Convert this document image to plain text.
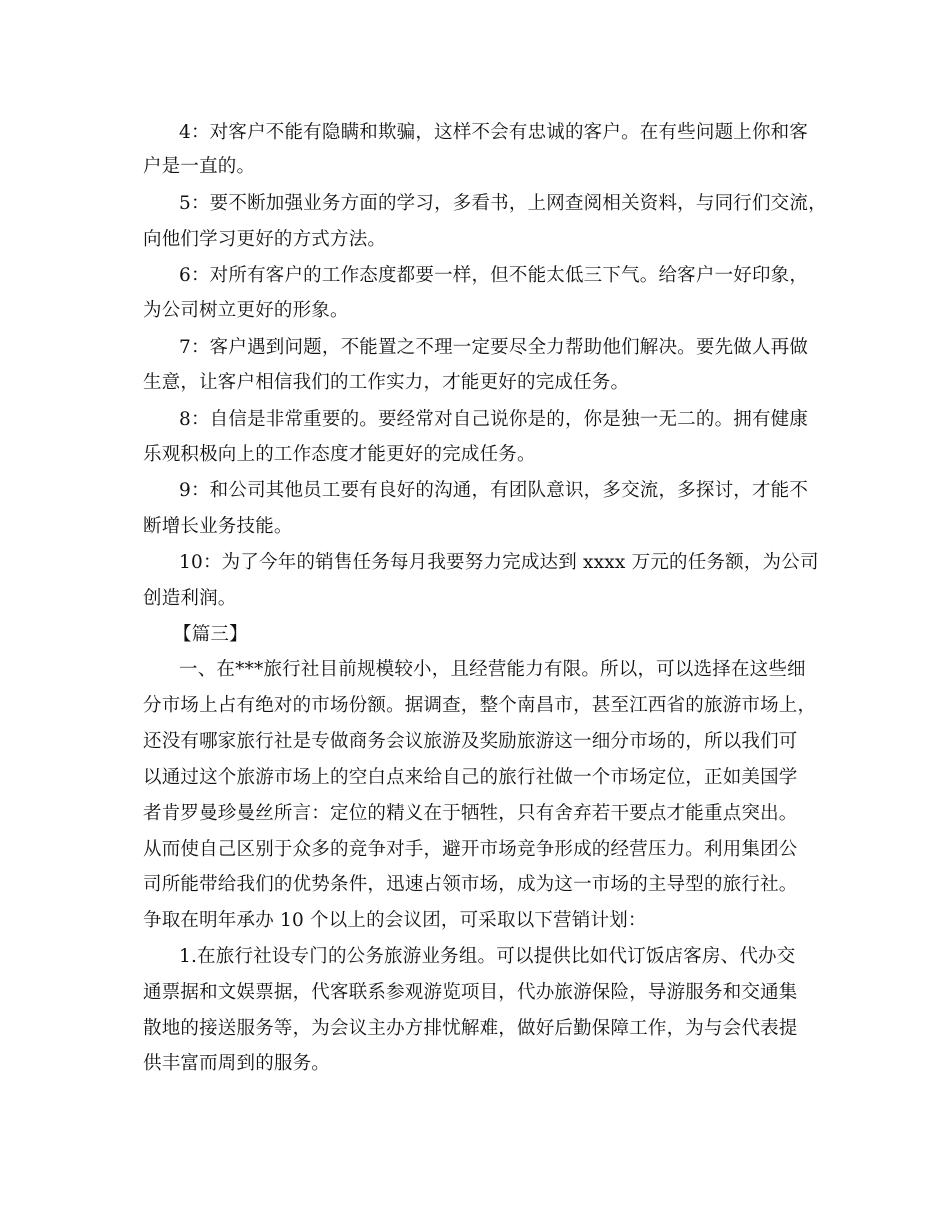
4：对客户不能有隐瞒和欺骗，这样不会有忠诚的客户。在有些问题上你和客
户是一直的。
5：要不断加强业务方面的学习，多看书，上网查阅相关资料，与同行们交流，
向他们学习更好的方式方法。
6：对所有客户的工作态度都要一样，但不能太低三下气。给客户一好印象，
为公司树立更好的形象。
7：客户遇到问题，不能置之不理一定要尽全力帮助他们解决。要先做人再做
生意，让客户相信我们的工作实力，才能更好的完成任务。
8：自信是非常重要的。要经常对自己说你是的，你是独一无二的。拥有健康
乐观积极向上的工作态度才能更好的完成任务。
9：和公司其他员工要有良好的沟通，有团队意识，多交流，多探讨，才能不
断增长业务技能。
10：为了今年的销售任务每月我要努力完成达到 xxxx 万元的任务额，为公司
创造利润。
【篇三】
一、在***旅行社目前规模较小，且经营能力有限。所以，可以选择在这些细
分市场上占有绝对的市场份额。据调查，整个南昌市，甚至江西省的旅游市场上，
还没有哪家旅行社是专做商务会议旅游及奖励旅游这一细分市场的，所以我们可
以通过这个旅游市场上的空白点来给自己的旅行社做一个市场定位，正如美国学
者肯罗曼珍曼丝所言：定位的精义在于牺牲，只有舍弃若干要点才能重点突出。
从而使自己区别于众多的竞争对手，避开市场竞争形成的经营压力。利用集团公
司所能带给我们的优势条件，迅速占领市场，成为这一市场的主导型的旅行社。
争取在明年承办 10 个以上的会议团，可采取以下营销计划：
1.在旅行社设专门的公务旅游业务组。可以提供比如代订饭店客房、代办交
通票据和文娱票据，代客联系参观游览项目，代办旅游保险，导游服务和交通集
散地的接送服务等，为会议主办方排忧解难，做好后勤保障工作，为与会代表提
供丰富而周到的服务。
